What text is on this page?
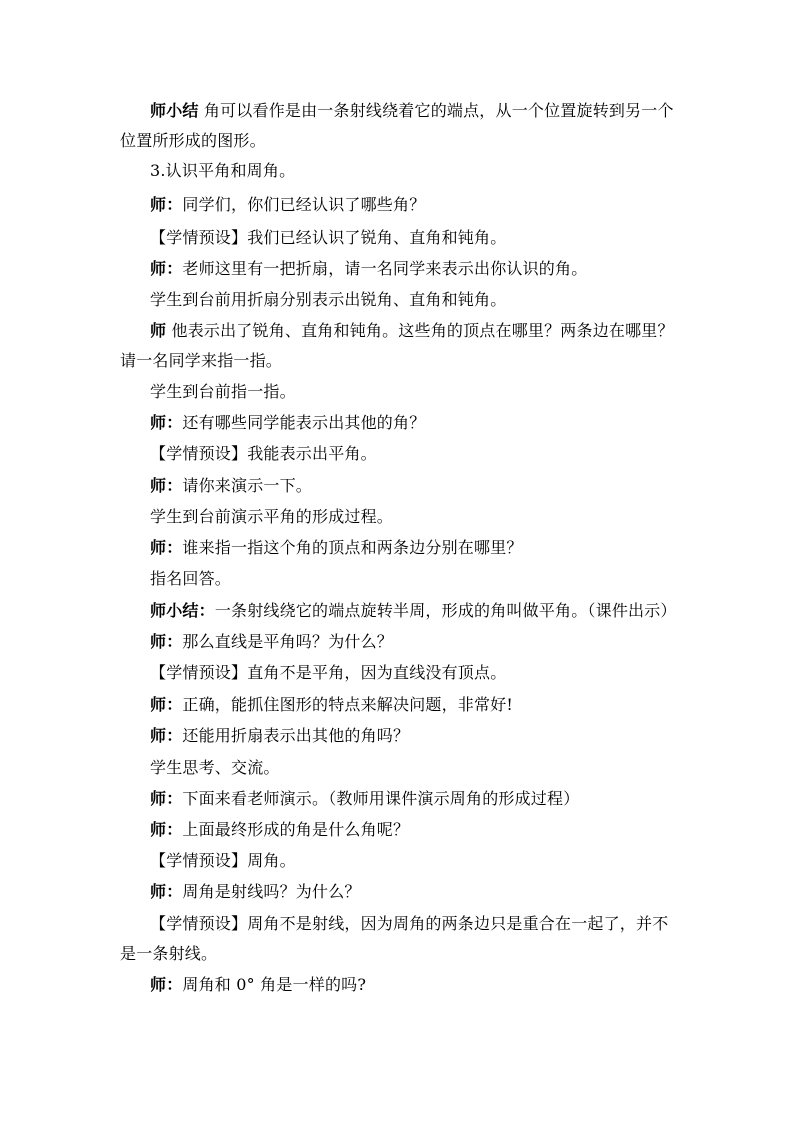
师小结 角可以看作是由一条射线绕着它的端点，从一个位置旋转到另一个位置所形成的图形。
3.认识平角和周角。
师：同学们，你们已经认识了哪些角？
【学情预设】我们已经认识了锐角、直角和钝角。
师：老师这里有一把折扇，请一名同学来表示出你认识的角。
学生到台前用折扇分别表示出锐角、直角和钝角。
师 他表示出了锐角、直角和钝角。这些角的顶点在哪里？两条边在哪里？请一名同学来指一指。
学生到台前指一指。
师：还有哪些同学能表示出其他的角？
【学情预设】我能表示出平角。
师：请你来演示一下。
学生到台前演示平角的形成过程。
师：谁来指一指这个角的顶点和两条边分别在哪里？
指名回答。
师小结：一条射线绕它的端点旋转半周，形成的角叫做平角。（课件出示）
师：那么直线是平角吗？为什么？
【学情预设】直角不是平角，因为直线没有顶点。
师：正确，能抓住图形的特点来解决问题，非常好!
师：还能用折扇表示出其他的角吗？
学生思考、交流。
师：下面来看老师演示。（教师用课件演示周角的形成过程）
师：上面最终形成的角是什么角呢？
【学情预设】周角。
师：周角是射线吗？为什么？
【学情预设】周角不是射线，因为周角的两条边只是重合在一起了，并不是一条射线。
师：周角和 0° 角是一样的吗?
